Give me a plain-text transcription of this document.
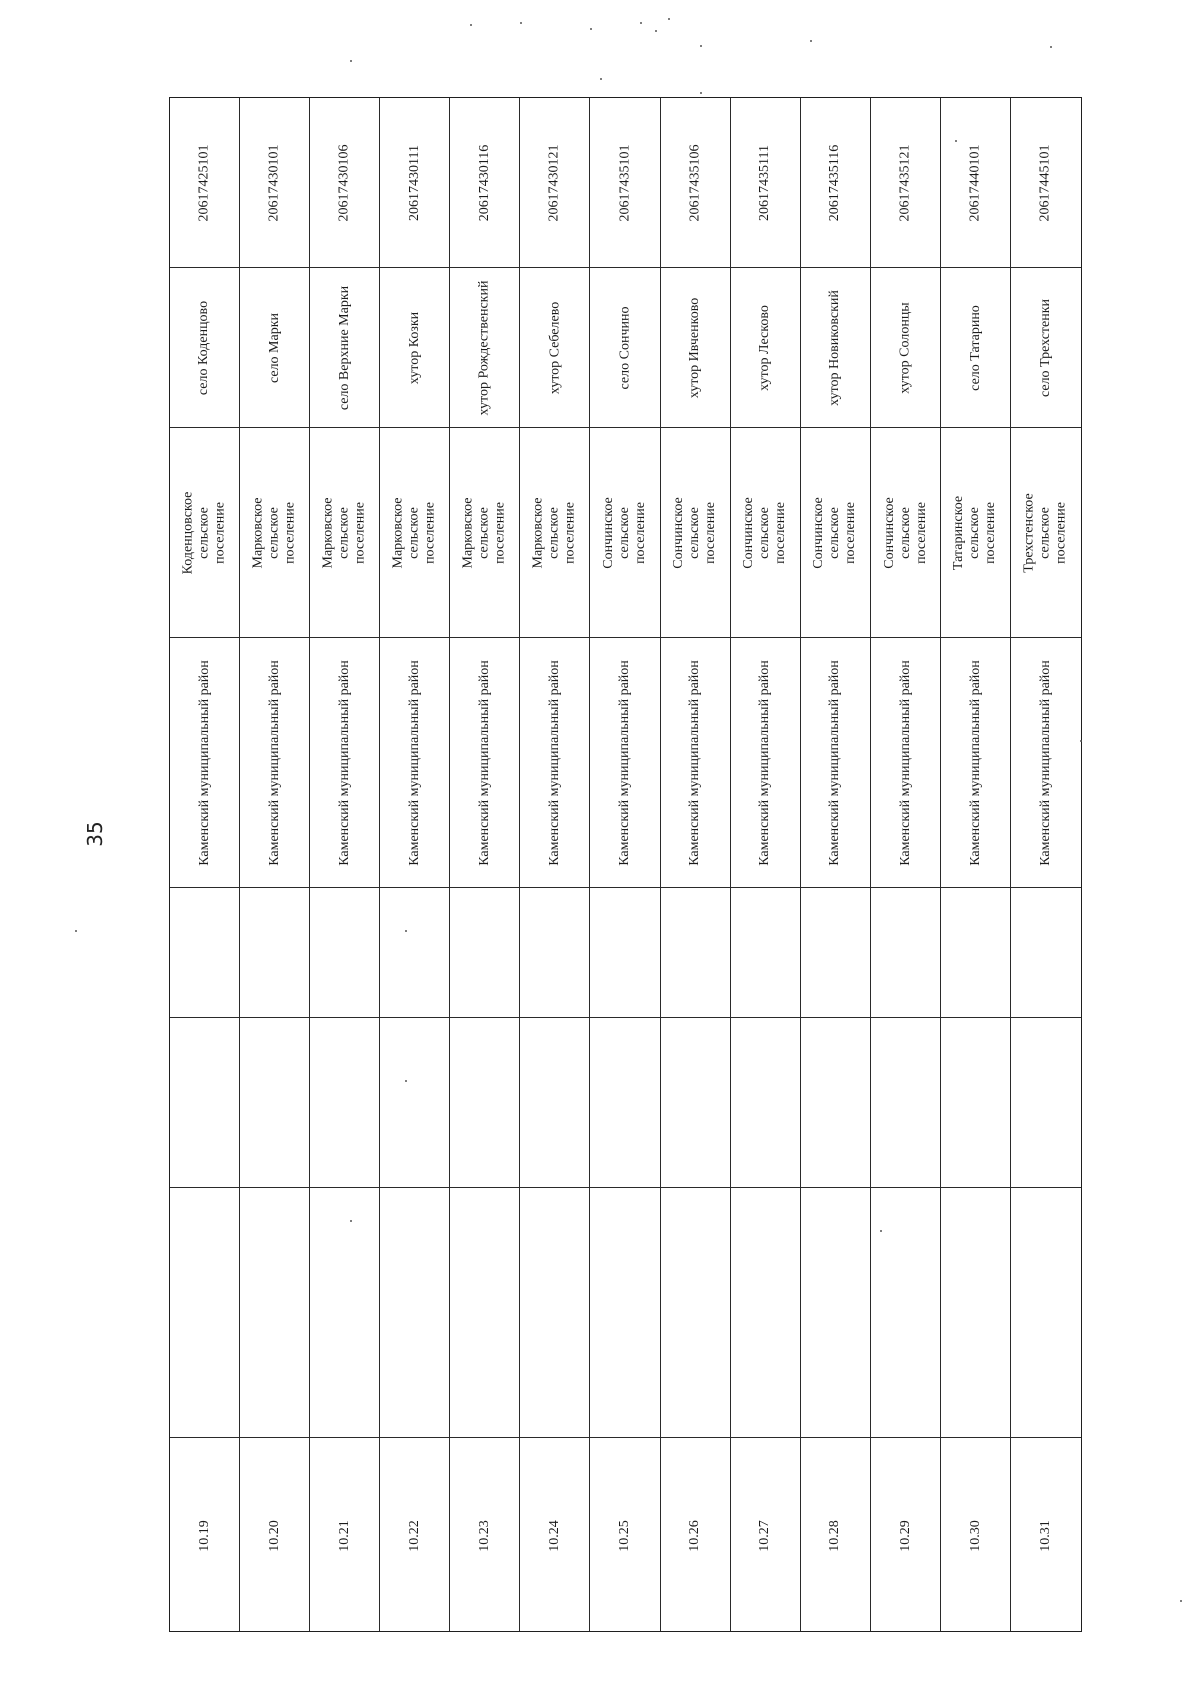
35
20617425101
село Коденцово
Коденцовское сельское поселение
Каменский муниципальный район
10.19
20617430101
село Марки
Марковское сельское поселение
Каменский муниципальный район
10.20
20617430106
село Верхние Марки
Марковское сельское поселение
Каменский муниципальный район
10.21
20617430111
хутор Козки
Марковское сельское поселение
Каменский муниципальный район
10.22
20617430116
хутор Рождественский
Марковское сельское поселение
Каменский муниципальный район
10.23
20617430121
хутор Себелево
Марковское сельское поселение
Каменский муниципальный район
10.24
20617435101
село Сончино
Сончинское сельское поселение
Каменский муниципальный район
10.25
20617435106
хутор Ивченково
Сончинское сельское поселение
Каменский муниципальный район
10.26
20617435111
хутор Лесково
Сончинское сельское поселение
Каменский муниципальный район
10.27
20617435116
хутор Новиковский
Сончинское сельское поселение
Каменский муниципальный район
10.28
20617435121
хутор Солонцы
Сончинское сельское поселение
Каменский муниципальный район
10.29
20617440101
село Татарино
Татаринское сельское поселение
Каменский муниципальный район
10.30
20617445101
село Трехстенки
Трехстенское сельское поселение
Каменский муниципальный район
10.31
